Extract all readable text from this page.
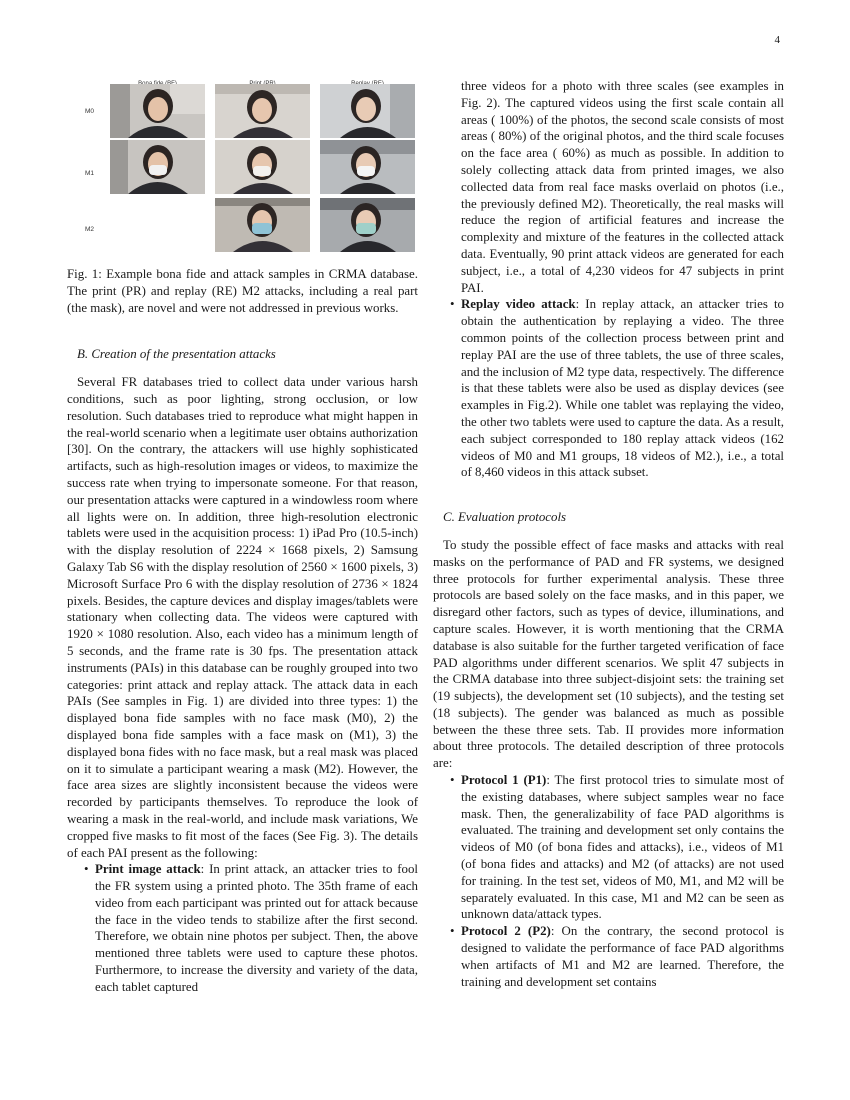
4
M0
M1
M2

Fig. 1: Example bona fide and attack samples in CRMA database. The print (PR) and replay (RE) M2 attacks, including a real part (the mask), are novel and were not addressed in previous works.

B. Creation of the presentation attacks

Several FR databases tried to collect data under various harsh conditions, such as poor lighting, strong occlusion, or low resolution. Such databases tried to reproduce what might happen in the real-world scenario when a legitimate user obtains authorization [30]. On the contrary, the attackers will use highly sophisticated artifacts, such as high-resolution images or videos, to maximize the success rate when trying to impersonate someone. For that reason, our presentation attacks were captured in a windowless room where all lights were on. In addition, three high-resolution electronic tablets were used in the acquisition process: 1) iPad Pro (10.5-inch) with the display resolution of 2224 × 1668 pixels, 2) Samsung Galaxy Tab S6 with the display resolution of 2560 × 1600 pixels, 3) Microsoft Surface Pro 6 with the display resolution of 2736 × 1824 pixels. Besides, the capture devices and display images/tablets were stationary when collecting data. The videos were captured with 1920 × 1080 resolution. Also, each video has a minimum length of 5 seconds, and the frame rate is 30 fps. The presentation attack instruments (PAIs) in this database can be roughly grouped into two categories: print attack and replay attack. The attack data in each PAIs (See samples in Fig. 1) are divided into three types: 1) the displayed bona fide samples with no face mask (M0), 2) the displayed bona fide samples with a face mask on (M1), 3) the displayed bona fides with no face mask, but a real mask was placed on it to simulate a participant wearing a mask (M2). However, the face area sizes are slightly inconsistent because the videos were recorded by participants themselves. To reproduce the look of wearing a mask in the real-world, and include mask variations, We cropped five masks to fit most of the faces (See Fig. 3). The details of each PAI present as the following:

• Print image attack: In print attack, an attacker tries to fool the FR system using a printed photo. The 35th frame of each video from each participant was printed out for attack because the face in the video tends to stabilize after the first second. Therefore, we obtain nine photos per subject. Then, the above mentioned three tablets were used to capture these photos. Furthermore, to increase the diversity and variety of the data, each tablet captured

three videos for a photo with three scales (see examples in Fig. 2). The captured videos using the first scale contain all areas ( 100%) of the photos, the second scale consists of most areas ( 80%) of the original photos, and the third scale focuses on the face area ( 60%) as much as possible. In addition to solely collecting attack data from printed images, we also collected data from real face masks overlaid on photos (i.e., the previously defined M2). Theoretically, the real masks will reduce the region of artificial features and increase the complexity and mixture of the features in the collected attack data. Eventually, 90 print attack videos are generated for each subject, i.e., a total of 4,230 videos for 47 subjects in print PAI.

• Replay video attack: In replay attack, an attacker tries to obtain the authentication by replaying a video. The three common points of the collection process between print and replay PAI are the use of three tablets, the use of three scales, and the inclusion of M2 type data, respectively. The difference is that these tablets were also be used as display devices (see examples in Fig.2). While one tablet was replaying the video, the other two tablets were used to capture the data. As a result, each subject corresponded to 180 replay attack videos (162 videos of M0 and M1 groups, 18 videos of M2.), i.e., a total of 8,460 videos in this attack subset.
C. Evaluation protocols

To study the possible effect of face masks and attacks with real masks on the performance of PAD and FR systems, we designed three protocols for further experimental analysis. These three protocols are based solely on the face masks, and in this paper, we disregard other factors, such as types of device, illuminations, and capture scales. However, it is worth mentioning that the CRMA database is also suitable for the further targeted verification of face PAD algorithms under different scenarios. We split 47 subjects in the CRMA database into three subject-disjoint sets: the training set (19 subjects), the development set (10 subjects), and the testing set (18 subjects). The gender was balanced as much as possible between the these three sets. Tab. II provides more information about three protocols. The detailed description of three protocols are:

• Protocol 1 (P1): The first protocol tries to simulate most of the existing databases, where subject samples wear no face mask. Then, the generalizability of face PAD algorithms is evaluated. The training and development set only contains the videos of M0 (of bona fides and attacks), i.e., videos of M1 (of bona fides and attacks) and M2 (of attacks) are not used for training. In the test set, videos of M0, M1, and M2 will be separately evaluated. In this case, M1 and M2 can be seen as unknown data/attack types.
• Protocol 2 (P2): On the contrary, the second protocol is designed to validate the performance of face PAD algorithms when artifacts of M1 and M2 are learned. Therefore, the training and development set contains
